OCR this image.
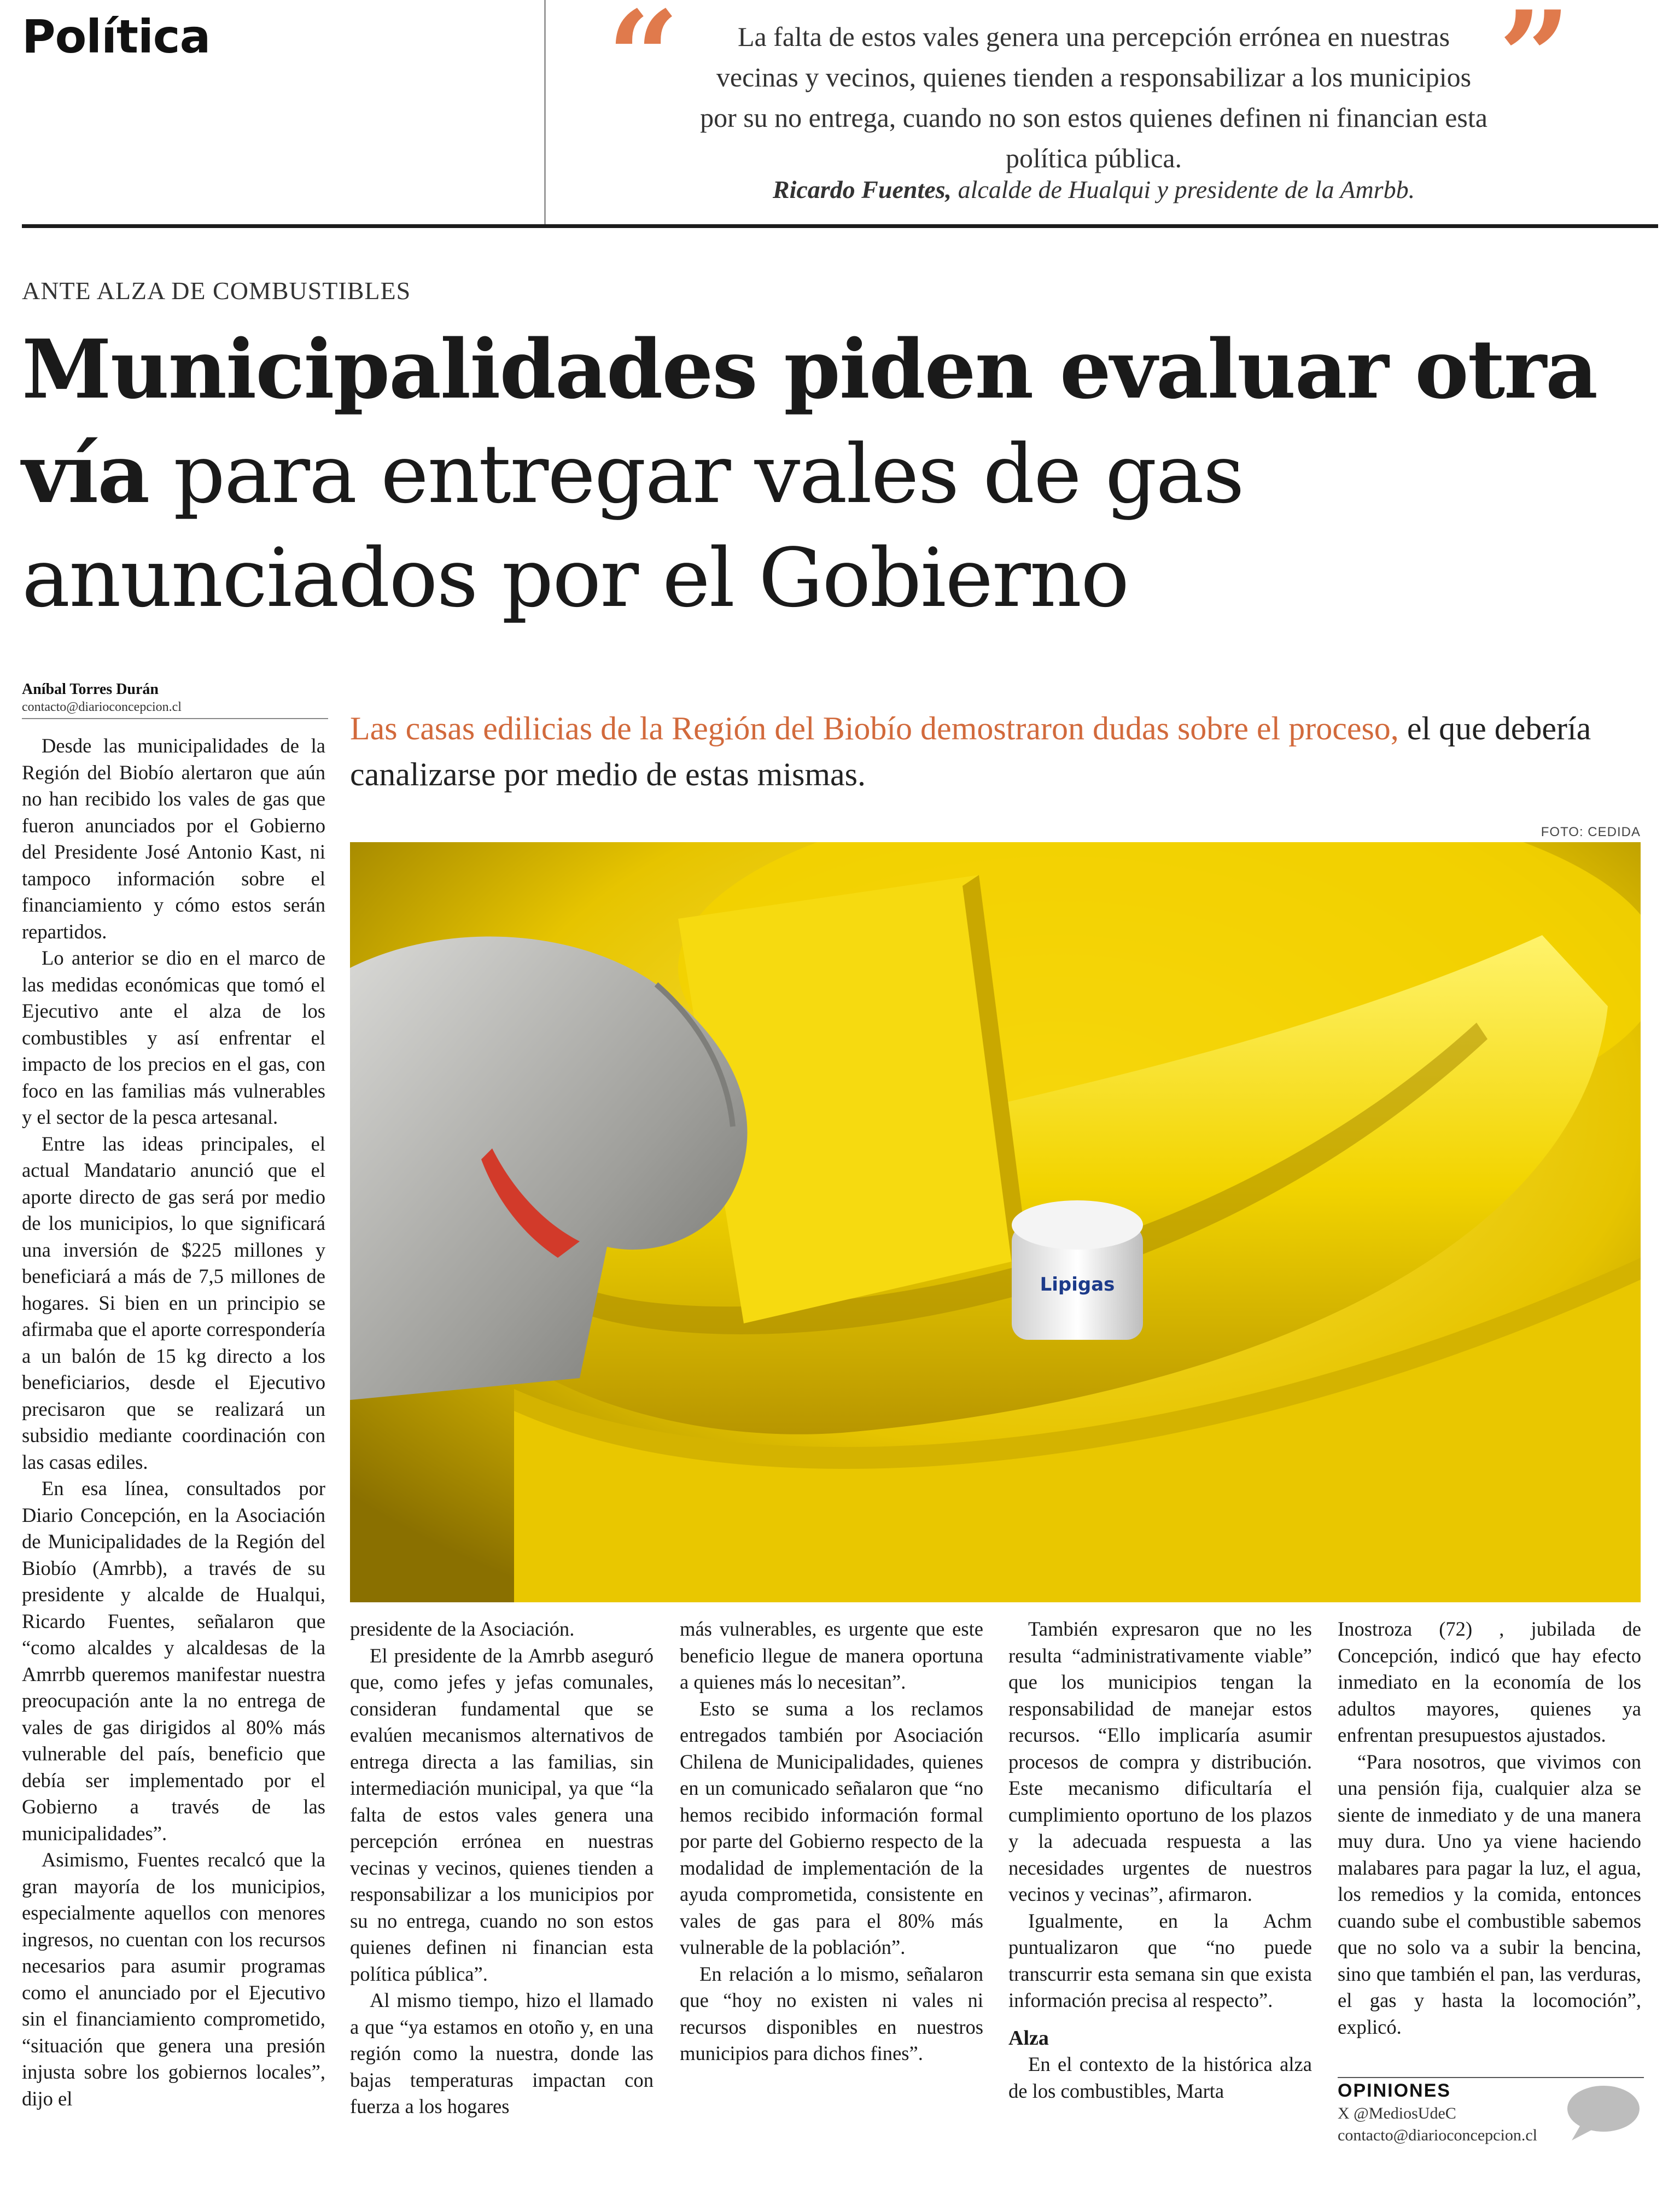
Política	“	La falta de estos vales genera una percepción errónea en nuestras vecinas y vecinos, quienes tienden a responsabilizar a los municipios por su no entrega, cuando no son estos quienes definen ni financian esta política pública.
Ricardo Fuentes, alcalde de Hualqui y presidente de la Amrbb.
”
ANTE ALZA DE COMBUSTIBLES
Municipalidades piden evaluar otra vía para entregar vales de gas anunciados por el Gobierno
Aníbal Torres Durán
contacto@diarioconcepcion.cl
Las casas edilicias de la Región del Biobío demostraron dudas sobre el proceso, el que debería canalizarse por medio de estas mismas.
FOTO: CEDIDA
Lipigas

Desde las municipalidades de la Región del Biobío alertaron que aún no han recibido los vales de gas que fueron anunciados por el Gobierno del Presidente José Antonio Kast, ni tampoco información sobre el financiamiento y cómo estos serán repartidos.

Lo anterior se dio en el marco de las medidas económicas que tomó el Ejecutivo ante el alza de los combustibles y así enfrentar el impacto de los precios en el gas, con foco en las familias más vulnerables y el sector de la pesca artesanal.

Entre las ideas principales, el actual Mandatario anunció que el aporte directo de gas será por medio de los municipios, lo que significará una inversión de $225 millones y beneficiará a más de 7,5 millones de hogares. Si bien en un principio se afirmaba que el aporte correspondería a un balón de 15 kg directo a los beneficiarios, desde el Ejecutivo precisaron que se realizará un subsidio mediante coordinación con las casas ediles.

En esa línea, consultados por Diario Concepción, en la Asociación de Municipalidades de la Región del Biobío (Amrbb), a través de su presidente y alcalde de Hualqui, Ricardo Fuentes, señalaron que “como alcaldes y alcaldesas de la Amrrbb queremos manifestar nuestra preocupación ante la no entrega de vales de gas dirigidos al 80% más vulnerable del país, beneficio que debía ser implementado por el Gobierno a través de las municipalidades”.

Asimismo, Fuentes recalcó que la gran mayoría de los municipios, especialmente aquellos con menores ingresos, no cuentan con los recursos necesarios para asumir programas como el anunciado por el Ejecutivo sin el financiamiento comprometido, “situación que genera una presión injusta sobre los gobiernos locales”, dijo el

presidente de la Asociación.

El presidente de la Amrbb aseguró que, como jefes y jefas comunales, consideran fundamental que se evalúen mecanismos alternativos de entrega directa a las familias, sin intermediación municipal, ya que “la falta de estos vales genera una percepción errónea en nuestras vecinas y vecinos, quienes tienden a responsabilizar a los municipios por su no entrega, cuando no son estos quienes definen ni financian esta política pública”.

Al mismo tiempo, hizo el llamado a que “ya estamos en otoño y, en una región como la nuestra, donde las bajas temperaturas impactan con fuerza a los hogares

más vulnerables, es urgente que este beneficio llegue de manera oportuna a quienes más lo necesitan”.

Esto se suma a los reclamos entregados también por Asociación Chilena de Municipalidades, quienes en un comunicado señalaron que “no hemos recibido información formal por parte del Gobierno respecto de la modalidad de implementación de la ayuda comprometida, consistente en vales de gas para el 80% más vulnerable de la población”.

En relación a lo mismo, señalaron que “hoy no existen ni vales ni recursos disponibles en nuestros municipios para dichos fines”.

También expresaron que no les resulta “administrativamente viable” que los municipios tengan la responsabilidad de manejar estos recursos. “Ello implicaría asumir procesos de compra y distribución. Este mecanismo dificultaría el cumplimiento oportuno de los plazos y la adecuada respuesta a las necesidades urgentes de nuestros vecinos y vecinas”, afirmaron.

Igualmente, en la Achm puntualizaron que “no puede transcurrir esta semana sin que exista información precisa al respecto”.

Alza

En el contexto de la histórica alza de los combustibles, Marta

Inostroza (72) , jubilada de Concepción, indicó que hay efecto inmediato en la economía de los adultos mayores, quienes ya enfrentan presupuestos ajustados.

“Para nosotros, que vivimos con una pensión fija, cualquier alza se siente de inmediato y de una manera muy dura. Uno ya viene haciendo malabares para pagar la luz, el agua, los remedios y la comida, entonces cuando sube el combustible sabemos que no solo va a subir la bencina, sino que también el pan, las verduras, el gas y hasta la locomoción”, explicó.

OPINIONES
X @MediosUdeC
contacto@diarioconcepcion.cl
